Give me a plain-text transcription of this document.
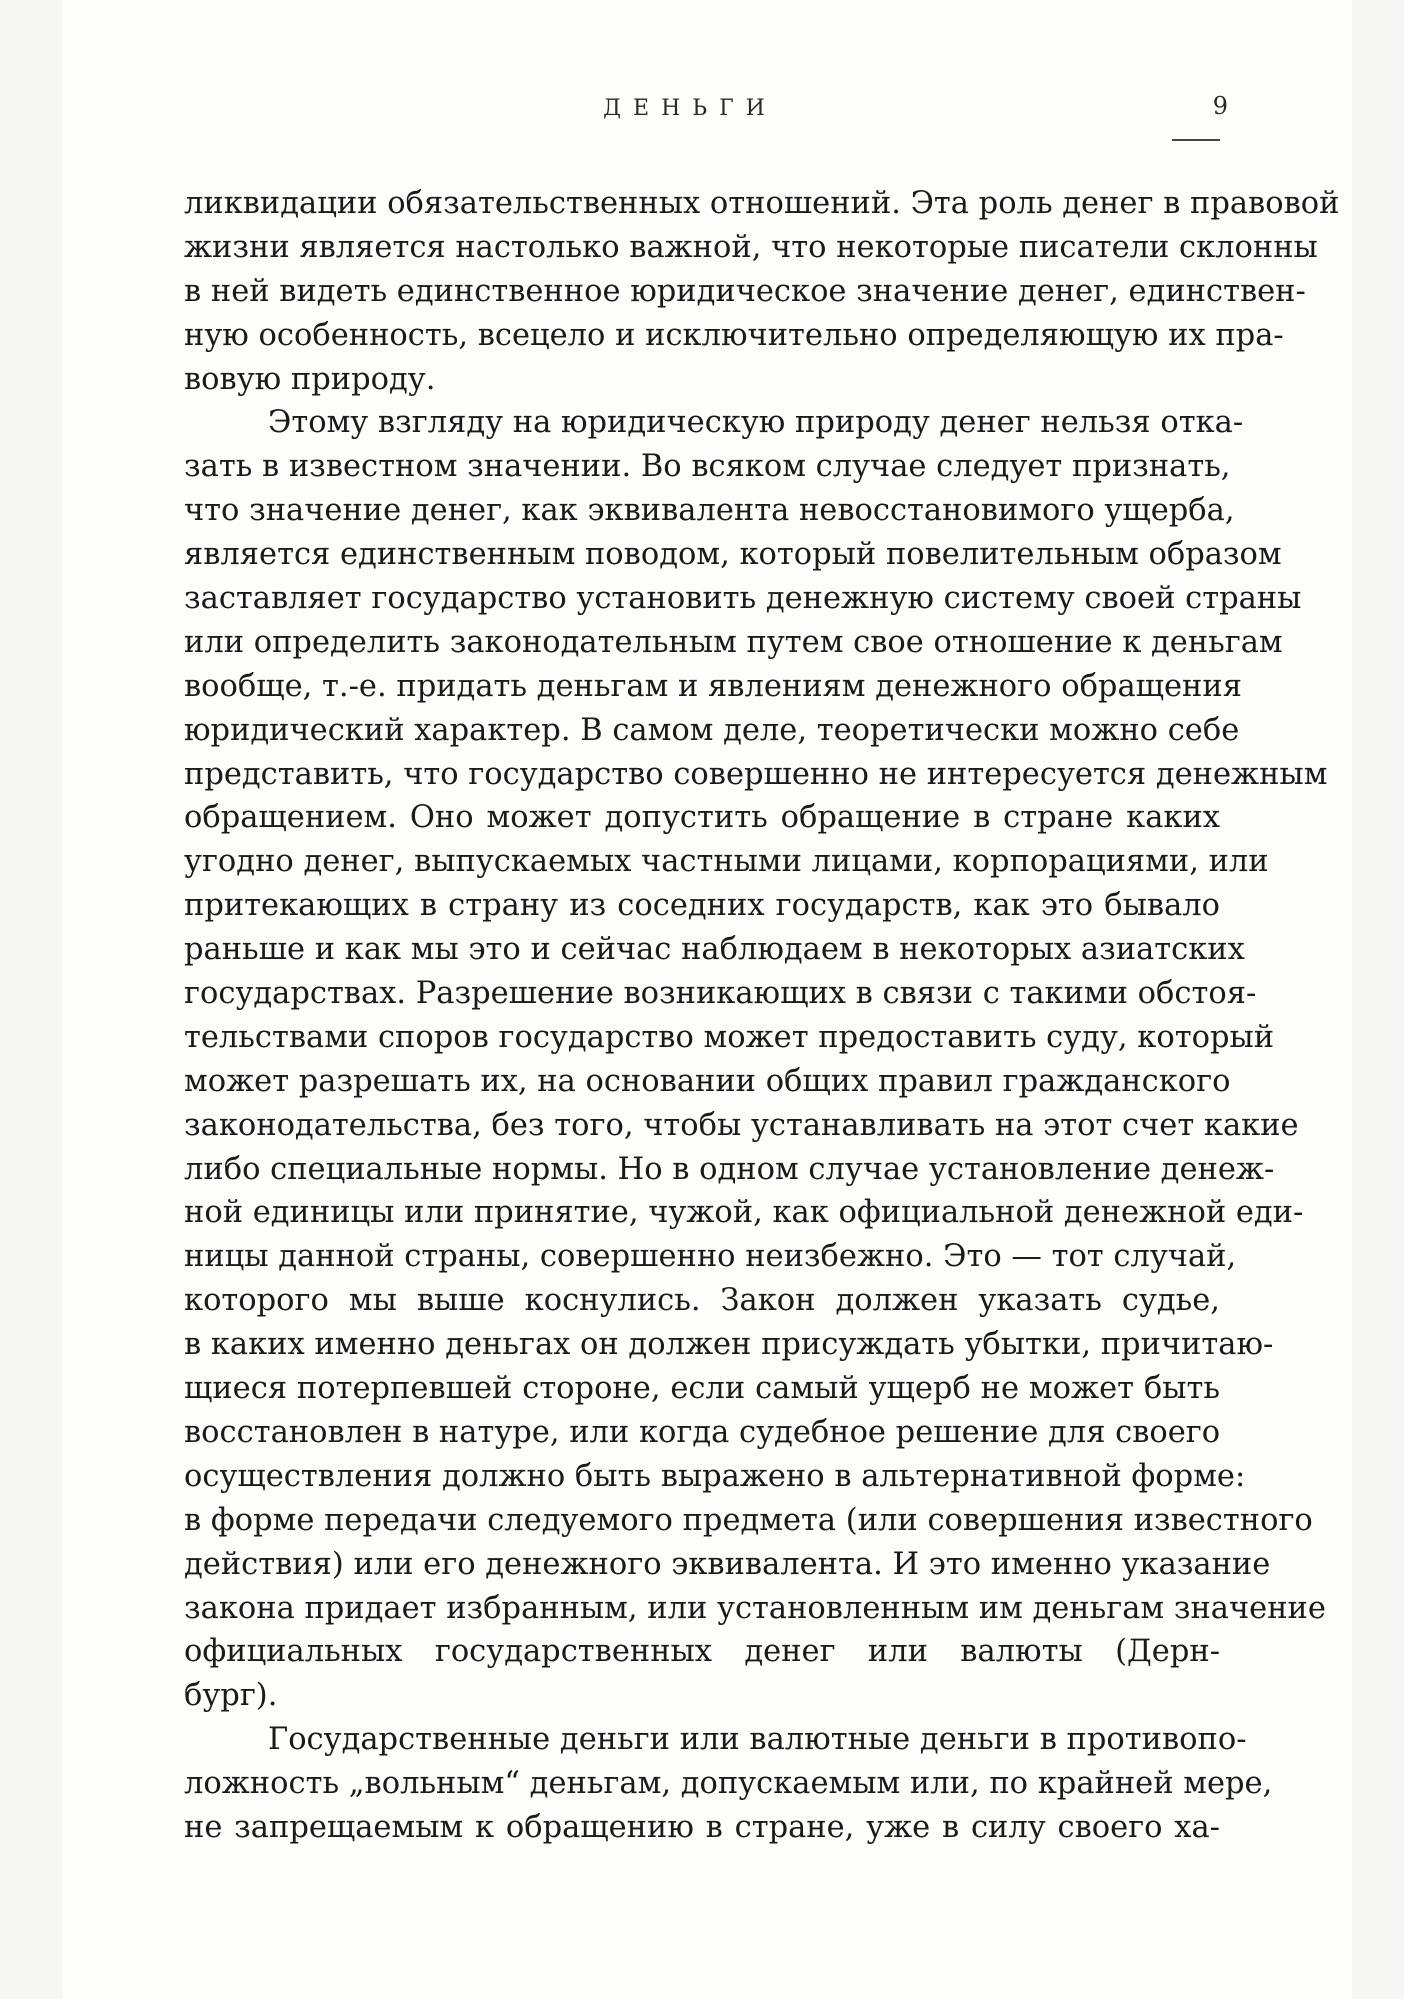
ДЕНЬГИ	9
ликвидации обязательственных отношений. Эта роль денег в правовой
жизни является настолько важной, что некоторые писатели склонны
в ней видеть единственное юридическое значение денег, единствен-
ную особенность, всецело и исключительно определяющую их пра-
вовую природу.
Этому взгляду на юридическую природу денег нельзя отка-
зать в известном значении. Во всяком случае следует признать,
что значение денег, как эквивалента невосстановимого ущерба,
является единственным поводом, который повелительным образом
заставляет государство установить денежную систему своей страны
или определить законодательным путем свое отношение к деньгам
вообще, т.-е. придать деньгам и явлениям денежного обращения
юридический характер. В самом деле, теоретически можно себе
представить, что государство совершенно не интересуется денежным
обращением. Оно может допустить обращение в стране каких
угодно денег, выпускаемых частными лицами, корпорациями, или
притекающих в страну из соседних государств, как это бывало
раньше и как мы это и сейчас наблюдаем в некоторых азиатских
государствах. Разрешение возникающих в связи с такими обстоя-
тельствами споров государство может предоставить суду, который
может разрешать их, на основании общих правил гражданского
законодательства, без того, чтобы устанавливать на этот счет какие
либо специальные нормы. Но в одном случае установление денеж-
ной единицы или принятие, чужой, как официальной денежной еди-
ницы данной страны, совершенно неизбежно. Это — тот случай,
которого мы выше коснулись. Закон должен указать судье,
в каких именно деньгах он должен присуждать убытки, причитаю-
щиеся потерпевшей стороне, если самый ущерб не может быть
восстановлен в натуре, или когда судебное решение для своего
осуществления должно быть выражено в альтернативной форме:
в форме передачи следуемого предмета (или совершения известного
действия) или его денежного эквивалента. И это именно указание
закона придает избранным, или установленным им деньгам значение
официальных государственных денег или валюты (Дерн-
бург).
Государственные деньги или валютные деньги в противопо-
ложность „вольным“ деньгам, допускаемым или, по крайней мере,
не запрещаемым к обращению в стране, уже в силу своего ха-
